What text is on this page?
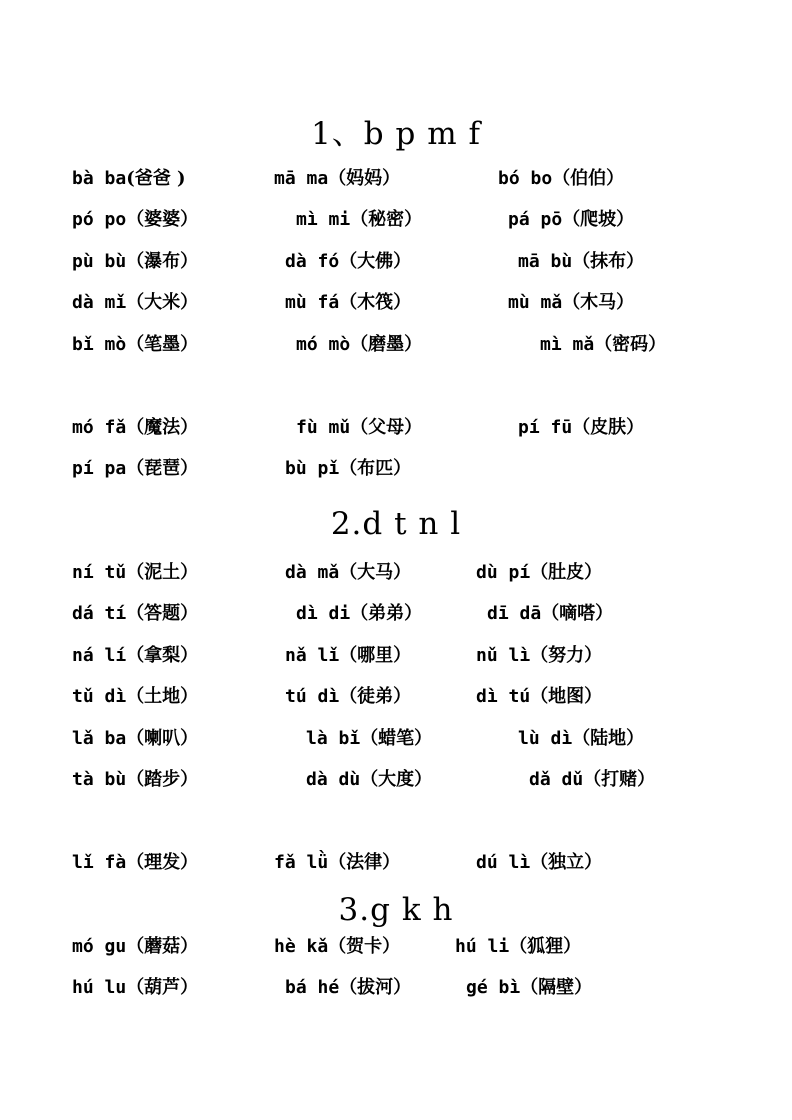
1、b p m f
bà ba(爸爸 )	mā ma（妈妈）	bó bo（伯伯）
pó po（婆婆）	mì mi（秘密）	pá pō（爬坡）
pù bù（瀑布）	dà fó（大佛）	mā bù（抹布）
dà mǐ（大米）	mù fá（木筏）	mù mǎ（木马）
bǐ mò（笔墨）	mó mò（磨墨）	mì mǎ（密码）
mó fǎ（魔法）	fù mǔ（父母）	pí fū（皮肤）
pí pa（琵琶）	bù pǐ（布匹）
2.d t n l
ní tǔ（泥土）	dà mǎ（大马）	dù pí（肚皮）
dá tí（答题）	dì di（弟弟）	dī dā（嘀嗒）
ná lí（拿梨）	nǎ lǐ（哪里）	nǔ lì（努力）
tǔ dì（土地）	tú dì（徒弟）	dì tú（地图）
lǎ ba（喇叭）	là bǐ（蜡笔）	lù dì（陆地）
tà bù（踏步）	dà dù（大度）	dǎ dǔ（打赌）
lǐ fà（理发）	fǎ lǜ（法律）	dú lì（独立）
3.g k h
mó gu（蘑菇）	hè kǎ（贺卡）	hú li（狐狸）
hú lu（葫芦）	bá hé（拔河）	gé bì（隔壁）
